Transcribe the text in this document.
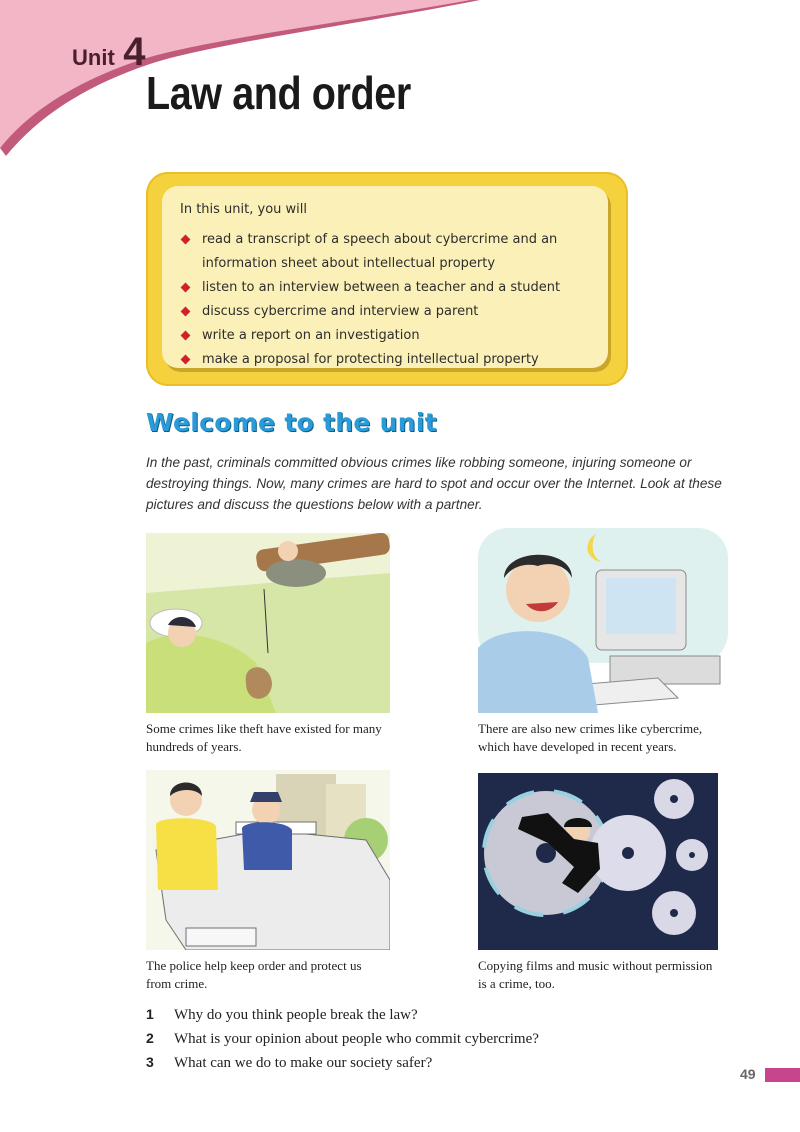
Unit 4
Law and order
In this unit, you will
read a transcript of a speech about cybercrime and an
information sheet about intellectual property
listen to an interview between a teacher and a student
discuss cybercrime and interview a parent
write a report on an investigation
make a proposal for protecting intellectual property
Welcome to the unit
In the past, criminals committed obvious crimes like robbing someone, injuring someone or destroying things. Now, many crimes are hard to spot and occur over the Internet. Look at these pictures and discuss the questions below with a partner.
Some crimes like theft have existed for many
hundreds of years.
There are also new crimes like cybercrime,
which have developed in recent years.
The police help keep order and protect us
from crime.
Copying films and music without permission
is a crime, too.
1 Why do you think people break the law?
2 What is your opinion about people who commit cybercrime?
3 What can we do to make our society safer?
49
